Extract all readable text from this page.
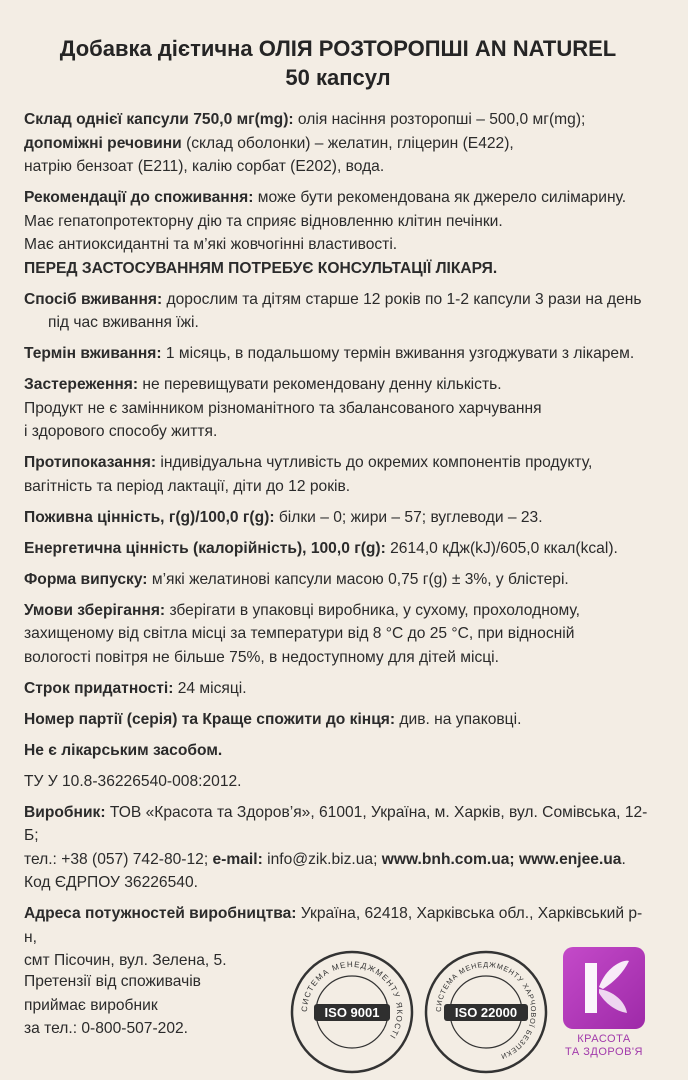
Добавка дієтична ОЛІЯ РОЗТОРОПШІ AN NATUREL

50 капсул

Склад однієї капсули 750,0 мг(mg): олія насіння розторопші – 500,0 мг(mg);
допоміжні речовини (склад оболонки) – желатин, гліцерин (Е422),
натрію бензоат (Е211), калію сорбат (Е202), вода.

Рекомендації до споживання: може бути рекомендована як джерело силімарину.
Має гепатопротекторну дію та сприяє відновленню клітин печінки.
Має антиоксидантні та м’які жовчогінні властивості.
ПЕРЕД ЗАСТОСУВАННЯМ ПОТРЕБУЄ КОНСУЛЬТАЦІЇ ЛІКАРЯ.

Спосіб вживання: дорослим та дітям старше 12 років по 1-2 капсули 3 рази на день

під час вживання їжі.

Термін вживання: 1 місяць, в подальшому термін вживання узгоджувати з лікарем.

Застереження: не перевищувати рекомендовану денну кількість.
Продукт не є замінником різноманітного та збалансованого харчування
і здорового способу життя.

Протипоказання: індивідуальна чутливість до окремих компонентів продукту,
вагітність та період лактації, діти до 12 років.

Поживна цінність, г(g)/100,0 г(g): білки – 0; жири – 57; вуглеводи – 23.

Енергетична цінність (калорійність), 100,0 г(g): 2614,0 кДж(kJ)/605,0 ккал(kcal).

Форма випуску: м’які желатинові капсули масою 0,75 г(g) ± 3%, у блістері.

Умови зберігання: зберігати в упаковці виробника, у сухому, прохолодному,
захищеному від світла місці за температури від 8 °С до 25 °С, при відносній
вологості повітря не більше 75%, в недоступному для дітей місці.

Строк придатності: 24 місяці.

Номер партії (серія) та Краще спожити до кінця: див. на упаковці.

Не є лікарським засобом.

ТУ У 10.8-36226540-008:2012.

Виробник: ТОВ «Красота та Здоров’я», 61001, Україна, м. Харків, вул. Сомівська, 12-Б;
тел.: +38 (057) 742-80-12; e-mail: info@zik.biz.ua; www.bnh.com.ua; www.enjee.ua.
Код ЄДРПОУ 36226540.

Адреса потужностей виробництва: Україна, 62418, Харківська обл., Харківський р-н,
смт Пісочин, вул. Зелена, 5.

Претензії від споживачів
приймає виробник
за тел.: 0-800-507-202.
СИСТЕМА МЕНЕДЖМЕНТУ ЯКОСТІ
ISO 9001	СИСТЕМА МЕНЕДЖМЕНТУ ХАРЧОВОЇ БЕЗПЕКИ
ISO 22000
КРАСОТА
ТА ЗДОРОВ'Я
